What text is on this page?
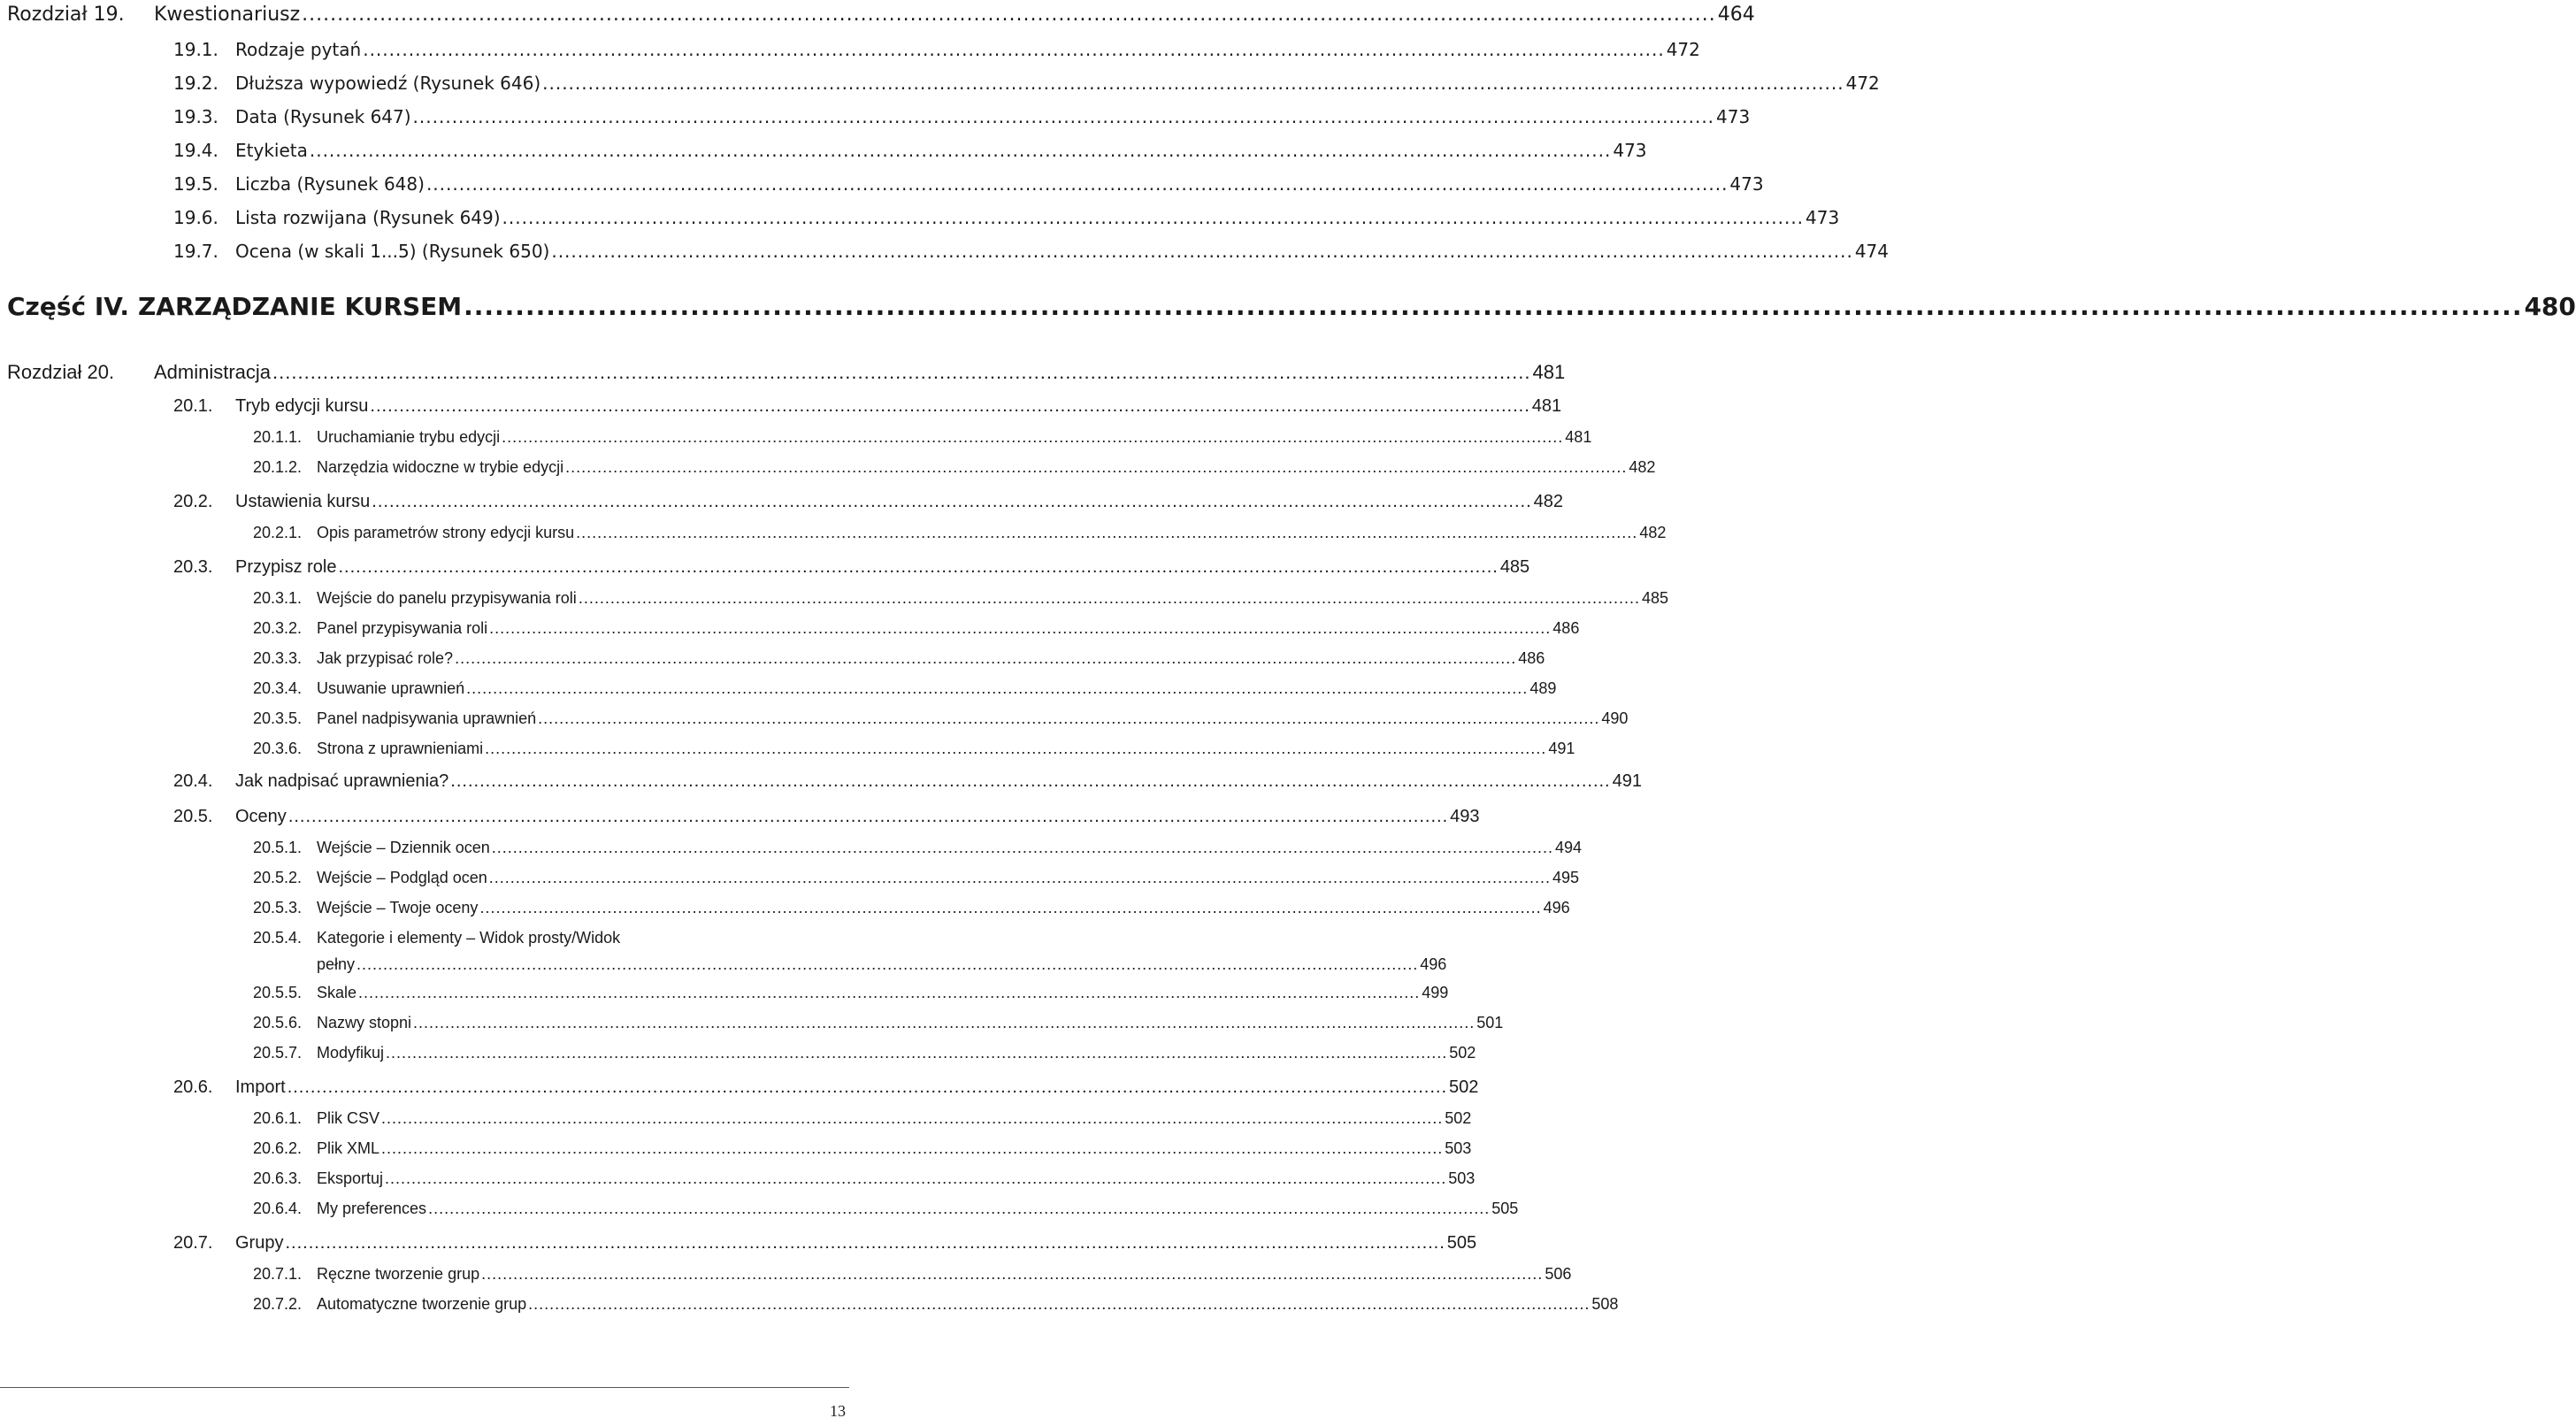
Rozdział 19.	Kwestionariusz ........................................................................................................................................................................................................ 464
19.1. Rodzaje pytań ........................................................................................................................................................................................................ 472
19.2. Dłuższa wypowiedź (Rysunek 646) ........................................................................................................................................................................................................ 472
19.3. Data (Rysunek 647) ........................................................................................................................................................................................................ 473
19.4. Etykieta ........................................................................................................................................................................................................ 473
19.5. Liczba (Rysunek 648) ........................................................................................................................................................................................................ 473
19.6. Lista rozwijana (Rysunek 649) ........................................................................................................................................................................................................ 473
19.7. Ocena (w skali 1...5) (Rysunek 650) ........................................................................................................................................................................................................ 474
Część IV. ZARZĄDZANIE KURSEM ........................................................................................................................................................................................................ 480
Rozdział 20.	Administracja ........................................................................................................................................................................................................ 481
20.1.	Tryb edycji kursu ........................................................................................................................................................................................................ 481
20.1.1. Uruchamianie trybu edycji ........................................................................................................................................................................................................ 481
20.1.2. Narzędzia widoczne w trybie edycji ........................................................................................................................................................................................................ 482
20.2.	Ustawienia kursu ........................................................................................................................................................................................................ 482
20.2.1. Opis parametrów strony edycji kursu ........................................................................................................................................................................................................ 482
20.3.	Przypisz role ........................................................................................................................................................................................................ 485
20.3.1. Wejście do panelu przypisywania roli ........................................................................................................................................................................................................ 485
20.3.2. Panel przypisywania roli ........................................................................................................................................................................................................ 486
20.3.3. Jak przypisać role? ........................................................................................................................................................................................................ 486
20.3.4. Usuwanie uprawnień ........................................................................................................................................................................................................ 489
20.3.5. Panel nadpisywania uprawnień ........................................................................................................................................................................................................ 490
20.3.6. Strona z uprawnieniami ........................................................................................................................................................................................................ 491
20.4.	Jak nadpisać uprawnienia? ........................................................................................................................................................................................................ 491
20.5.	Oceny ........................................................................................................................................................................................................ 493
20.5.1. Wejście – Dziennik ocen ........................................................................................................................................................................................................ 494
20.5.2. Wejście – Podgląd ocen ........................................................................................................................................................................................................ 495
20.5.3. Wejście – Twoje oceny ........................................................................................................................................................................................................ 496
20.5.4. Kategorie i elementy – Widok prosty/Widok
pełny ........................................................................................................................................................................................................ 496
20.5.5. Skale ........................................................................................................................................................................................................ 499
20.5.6. Nazwy stopni ........................................................................................................................................................................................................ 501
20.5.7. Modyfikuj ........................................................................................................................................................................................................ 502
20.6.	Import ........................................................................................................................................................................................................ 502
20.6.1. Plik CSV ........................................................................................................................................................................................................ 502
20.6.2. Plik XML ........................................................................................................................................................................................................ 503
20.6.3. Eksportuj ........................................................................................................................................................................................................ 503
20.6.4. My preferences ........................................................................................................................................................................................................ 505
20.7.	Grupy ........................................................................................................................................................................................................ 505
20.7.1. Ręczne tworzenie grup ........................................................................................................................................................................................................ 506
20.7.2. Automatyczne tworzenie grup ........................................................................................................................................................................................................ 508
13
